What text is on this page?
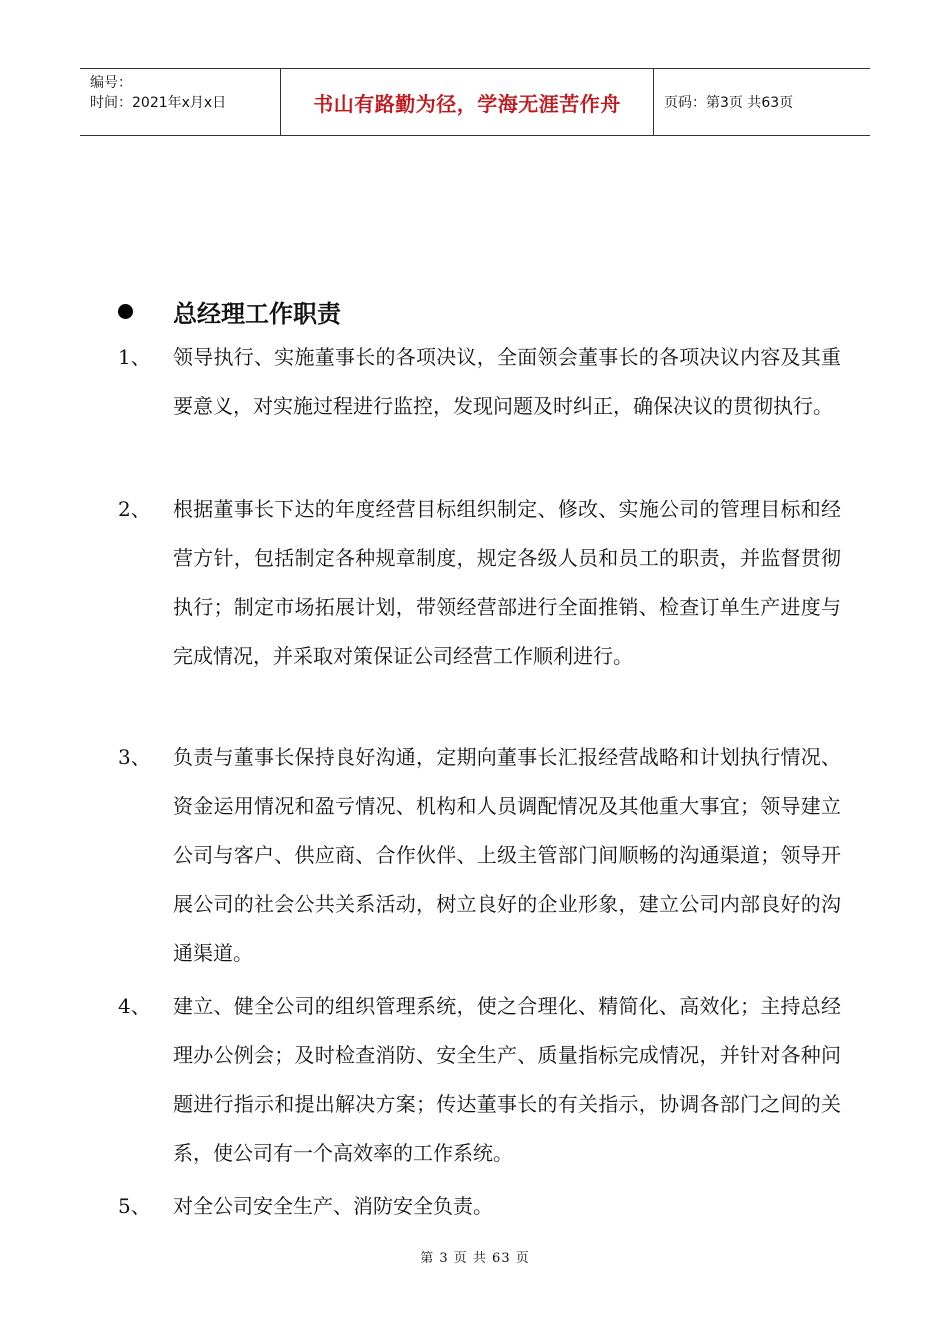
编号：
时间：2021年x月x日	书山有路勤为径，学海无涯苦作舟	页码：第3页 共63页
总经理工作职责
1、	领导执行、实施董事长的各项决议，全面领会董事长的各项决议内容及其重要意义，对实施过程进行监控，发现问题及时纠正，确保决议的贯彻执行。
2、	根据董事长下达的年度经营目标组织制定、修改、实施公司的管理目标和经营方针，包括制定各种规章制度，规定各级人员和员工的职责，并监督贯彻执行；制定市场拓展计划，带领经营部进行全面推销、检查订单生产进度与完成情况，并采取对策保证公司经营工作顺利进行。
3、	负责与董事长保持良好沟通，定期向董事长汇报经营战略和计划执行情况、资金运用情况和盈亏情况、机构和人员调配情况及其他重大事宜；领导建立公司与客户、供应商、合作伙伴、上级主管部门间顺畅的沟通渠道；领导开展公司的社会公共关系活动，树立良好的企业形象，建立公司内部良好的沟通渠道。
4、	建立、健全公司的组织管理系统，使之合理化、精简化、高效化；主持总经理办公例会；及时检查消防、安全生产、质量指标完成情况，并针对各种问题进行指示和提出解决方案；传达董事长的有关指示，协调各部门之间的关系，使公司有一个高效率的工作系统。
5、	对全公司安全生产、消防安全负责。
第 3 页 共 63 页
